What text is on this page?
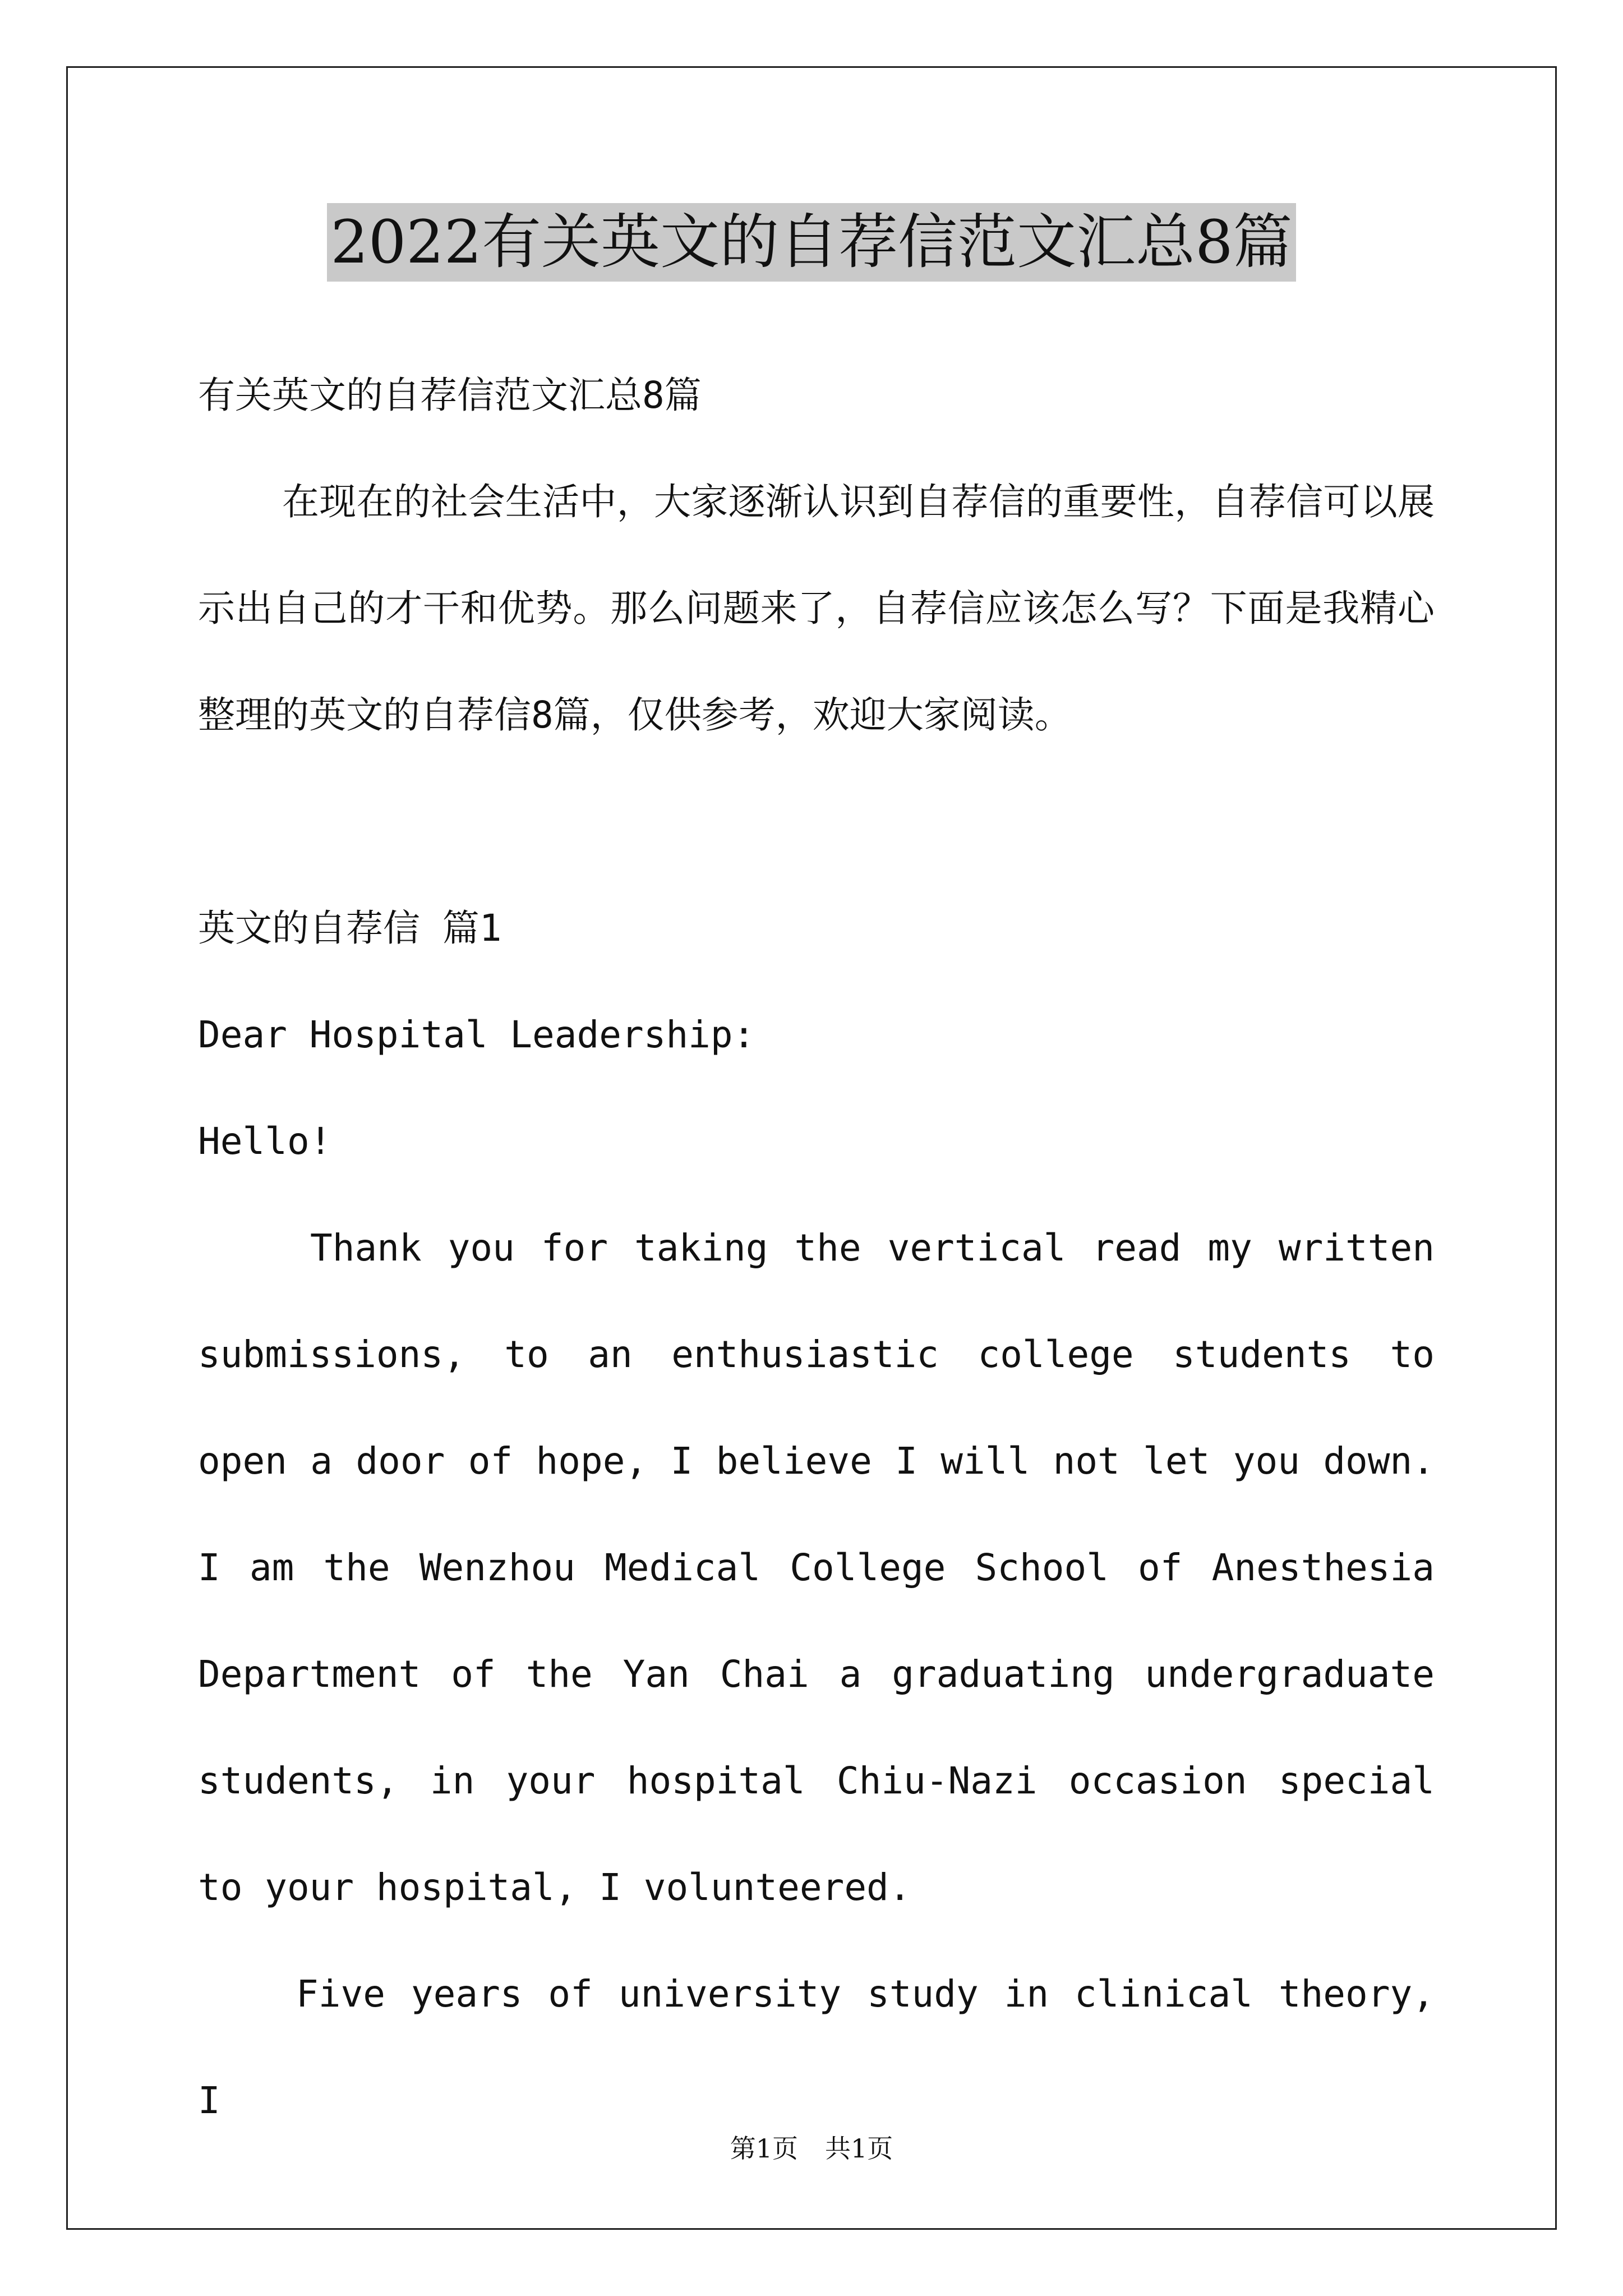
2022有关英文的自荐信范文汇总8篇

有关英文的自荐信范文汇总8篇

在现在的社会生活中，大家逐渐认识到自荐信的重要性，自荐信可以展示出自己的才干和优势。那么问题来了，自荐信应该怎么写？下面是我精心整理的英文的自荐信8篇，仅供参考，欢迎大家阅读。

英文的自荐信 篇1

Dear Hospital Leadership:

Hello!

Thank you for taking the vertical read my written submissions, to an enthusiastic college students to open a door of hope, I believe I will not let you down. I am the Wenzhou Medical College School of Anesthesia Department of the Yan Chai a graduating undergraduate students, in your hospital Chiu-Nazi occasion special to your hospital, I volunteered.

Five years of university study in clinical theory, I

第1页 共1页
